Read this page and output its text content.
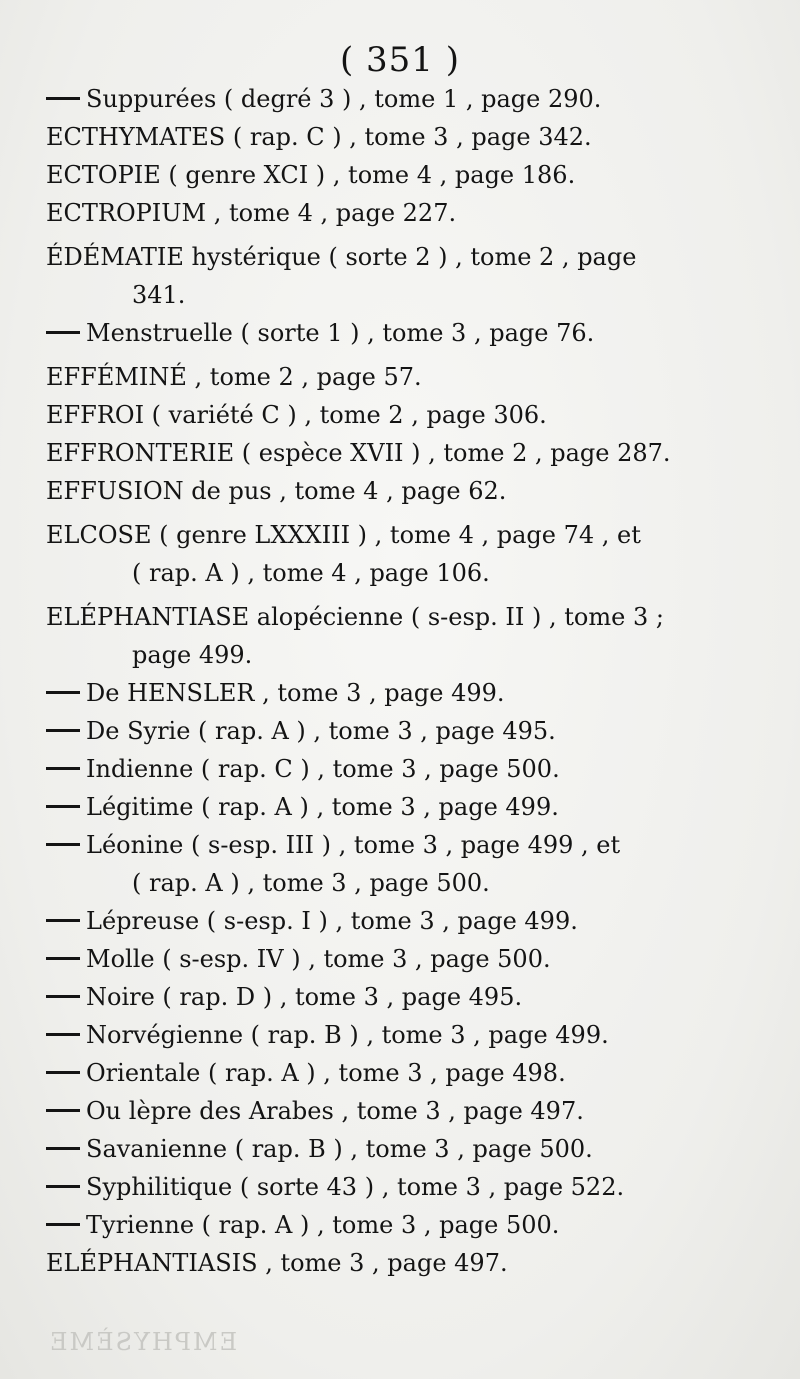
( 351 )
Suppurées ( degré 3 ) , tome 1 , page 290.
ECTHYMATES ( rap. C ) , tome 3 , page 342.
ECTOPIE ( genre XCI ) , tome 4 , page 186.
ECTROPIUM , tome 4 , page 227.
ÉDÉMATIE hystérique ( sorte 2 ) , tome 2 , page
341.
Menstruelle ( sorte 1 ) , tome 3 , page 76.
EFFÉMINÉ , tome 2 , page 57.
EFFROI ( variété C ) , tome 2 , page 306.
EFFRONTERIE ( espèce XVII ) , tome 2 , page 287.
EFFUSION de pus , tome 4 , page 62.
ELCOSE ( genre LXXXIII ) , tome 4 , page 74 , et
( rap. A ) , tome 4 , page 106.
ELÉPHANTIASE alopécienne ( s-esp. II ) , tome 3 ;
page 499.
De HENSLER , tome 3 , page 499.
De Syrie ( rap. A ) , tome 3 , page 495.
Indienne ( rap. C ) , tome 3 , page 500.
Légitime ( rap. A ) , tome 3 , page 499.
Léonine ( s-esp. III ) , tome 3 , page 499 , et
( rap. A ) , tome 3 , page 500.
Lépreuse ( s-esp. I ) , tome 3 , page 499.
Molle ( s-esp. IV ) , tome 3 , page 500.
Noire ( rap. D ) , tome 3 , page 495.
Norvégienne ( rap. B ) , tome 3 , page 499.
Orientale ( rap. A ) , tome 3 , page 498.
Ou lèpre des Arabes , tome 3 , page 497.
Savanienne ( rap. B ) , tome 3 , page 500.
Syphilitique ( sorte 43 ) , tome 3 , page 522.
Tyrienne ( rap. A ) , tome 3 , page 500.
ELÉPHANTIASIS , tome 3 , page 497.
EMPHYSÈME
